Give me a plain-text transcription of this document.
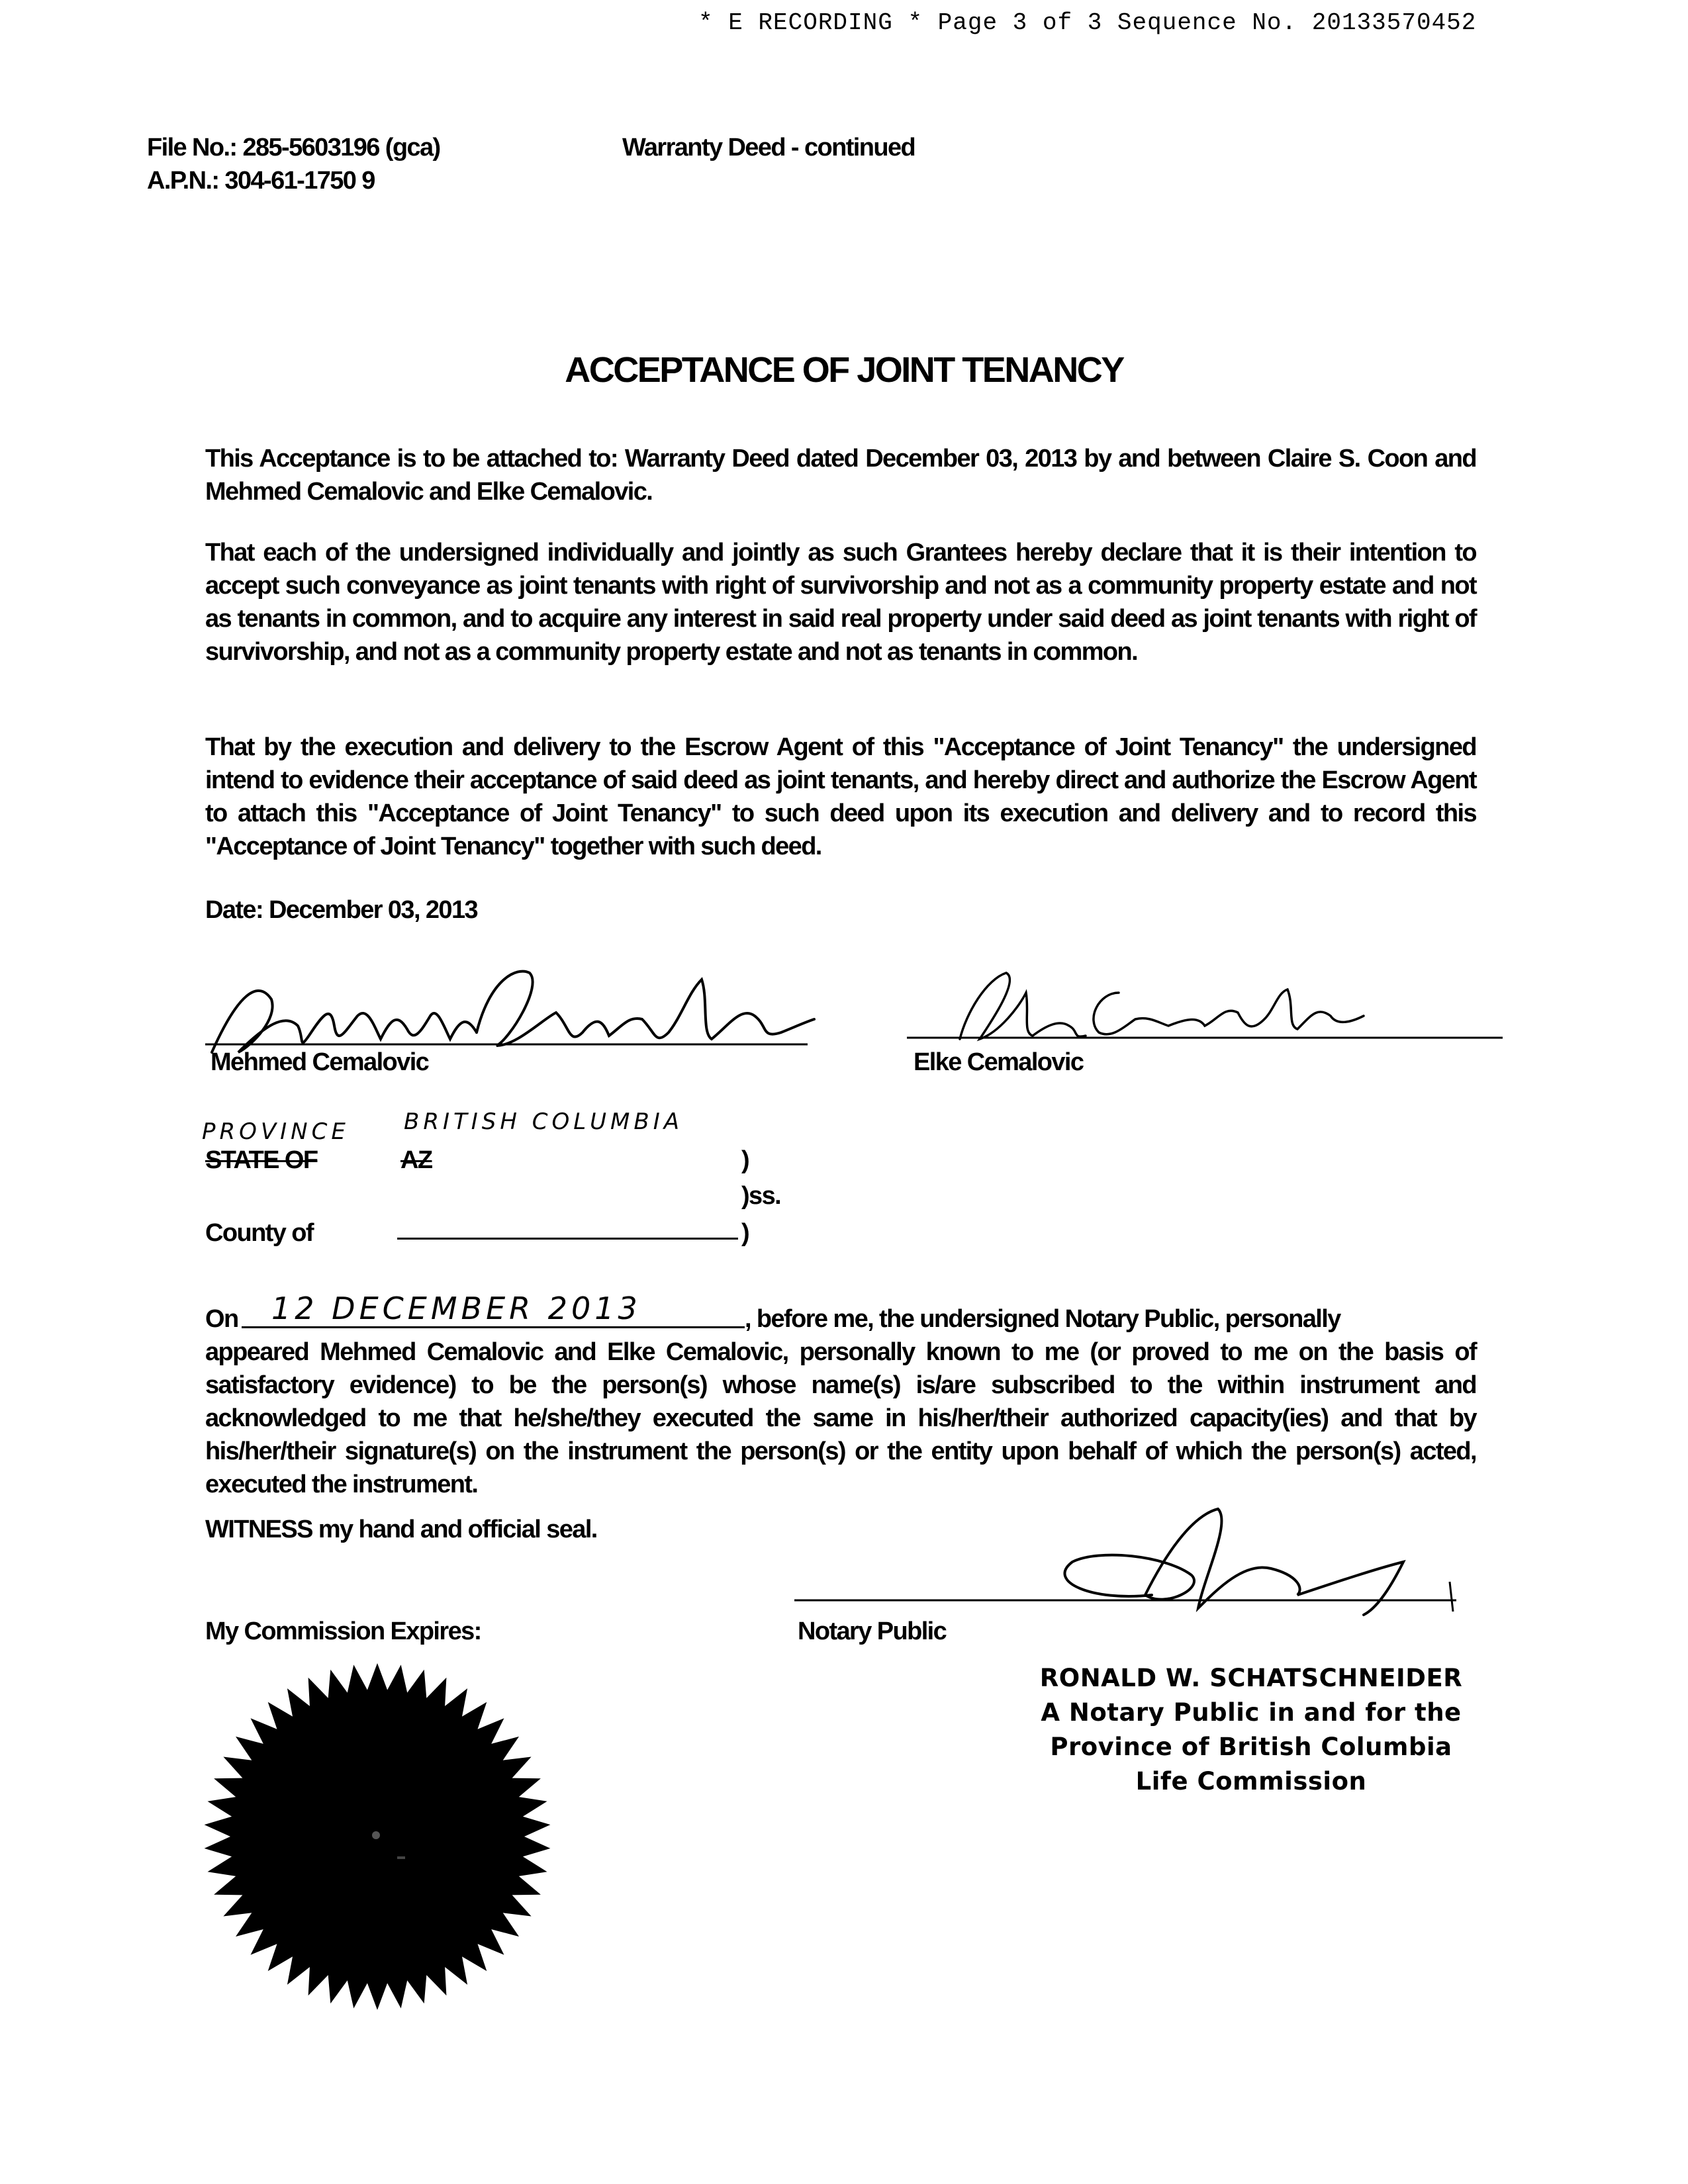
* E RECORDING * Page 3 of 3 Sequence No. 20133570452
File No.: 285-5603196 (gca)
A.P.N.: 304-61-1750 9
Warranty Deed - continued
ACCEPTANCE OF JOINT TENANCY
This Acceptance is to be attached to: Warranty Deed dated December 03, 2013 by and between Claire S. Coon and Mehmed Cemalovic and Elke Cemalovic.
That each of the undersigned individually and jointly as such Grantees hereby declare that it is their intention to accept such conveyance as joint tenants with right of survivorship and not as a community property estate and not as tenants in common, and to acquire any interest in said real property under said deed as joint tenants with right of survivorship, and not as a community property estate and not as tenants in common.
That by the execution and delivery to the Escrow Agent of this "Acceptance of Joint Tenancy" the undersigned intend to evidence their acceptance of said deed as joint tenants, and hereby direct and authorize the Escrow Agent to attach this "Acceptance of Joint Tenancy" to such deed upon its execution and delivery and to record this "Acceptance of Joint Tenancy" together with such deed.
Date: December 03, 2013
Mehmed Cemalovic	Elke Cemalovic
PROVINCE BRITISH COLUMBIA
STATE OF	AZ	)
)ss.
County of	)
On 12 DECEMBER 2013	, before me, the undersigned Notary Public, personally
appeared Mehmed Cemalovic and Elke Cemalovic, personally known to me (or proved to me on the basis of satisfactory evidence) to be the person(s) whose name(s) is/are subscribed to the within instrument and acknowledged to me that he/she/they executed the same in his/her/their authorized capacity(ies) and that by his/her/their signature(s) on the instrument the person(s) or the entity upon behalf of which the person(s) acted, executed the instrument.
WITNESS my hand and official seal.
My Commission Expires:	Notary Public
RONALD W. SCHATSCHNEIDER
A Notary Public in and for the
Province of British Columbia
Life Commission
